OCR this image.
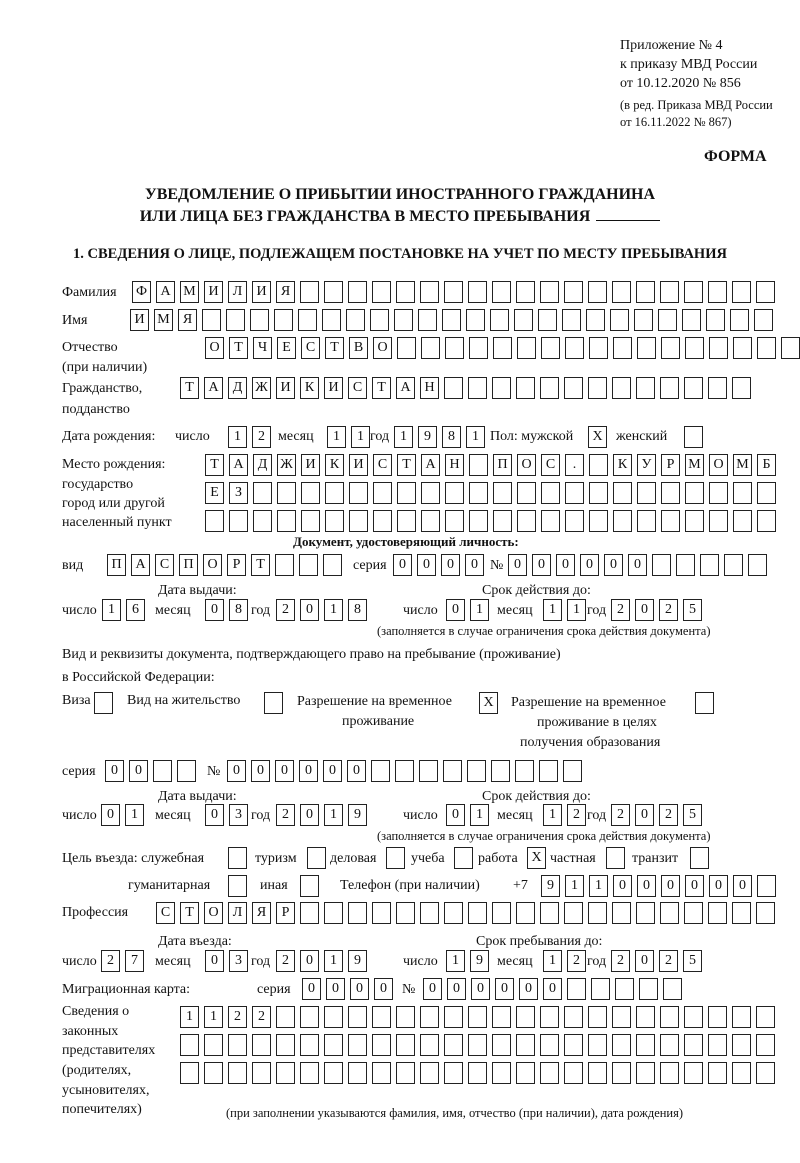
Приложение № 4
к приказу МВД России
от 10.12.2020 № 856
(в ред. Приказа МВД России
от 16.11.2022 № 867)
ФОРМА
УВЕДОМЛЕНИЕ О ПРИБЫТИИ ИНОСТРАННОГО ГРАЖДАНИНА
ИЛИ ЛИЦА БЕЗ ГРАЖДАНСТВА В МЕСТО ПРЕБЫВАНИЯ
1. СВЕДЕНИЯ О ЛИЦЕ, ПОДЛЕЖАЩЕМ ПОСТАНОВКЕ НА УЧЕТ ПО МЕСТУ ПРЕБЫВАНИЯ
Фамилия Ф А М И	Л	И	Я
Имя	И М Я
Отчество
(при наличии)
О	Т	Ч	Е	С	Т	В	О
Гражданство,
подданство
Т	А	Д Ж И	К	И	С	Т	А Н
Дата рождения: число	1	2 месяц	1	1 год 1	9	8	1 Пол: мужской	X женский
Место рождения:
государство
город или другой
населенный пункт
Т	А	Д Ж И	К	И	С	Т	А Н	П О	С	.	К	У	Р М О М Б
Е	З
Документ, удостоверяющий личность:
вид	П А	С	П О	Р	Т	серия 0	0	0	0 № 0	0	0	0	0	0
Дата выдачи:	Срок действия до:
число 1	6	месяц	0	8 год 2	0	1	8	число	0	1	месяц	1	1 год 2	0	2	5
(заполняется в случае ограничения срока действия документа)
Вид и реквизиты документа, подтверждающего право на пребывание (проживание)
в Российской Федерации:
Виза	Вид на жительство	Разрешение на временное
проживание
X	Разрешение на временное
проживание в целях
получения образования
серия	0	0	№ 0	0	0	0	0	0
Дата выдачи:	Срок действия до:
число 0	1	месяц	0	3 год 2	0	1	9	число	0	1	месяц	1	2 год 2	0	2	5
(заполняется в случае ограничения срока действия документа)
Цель въезда: служебная	туризм деловая учеба работа X частная	транзит
гуманитарная	иная	Телефон (при наличии) +7	9	1	1	0	0	0	0	0	0
Профессия	С	Т	О	Л	Я	Р
Дата въезда:	Срок пребывания до:
число 2	7	месяц	0	3 год 2	0	1	9	число	1	9	месяц	1	2 год 2	0	2	5
Миграционная карта:	серия	0	0	0	0	№ 0	0	0	0	0	0
Сведения о
законных
представителях
(родителях,
усыновителях,
попечителях)
1	1	2	2
(при заполнении указываются фамилия, имя, отчество (при наличии), дата рождения)
